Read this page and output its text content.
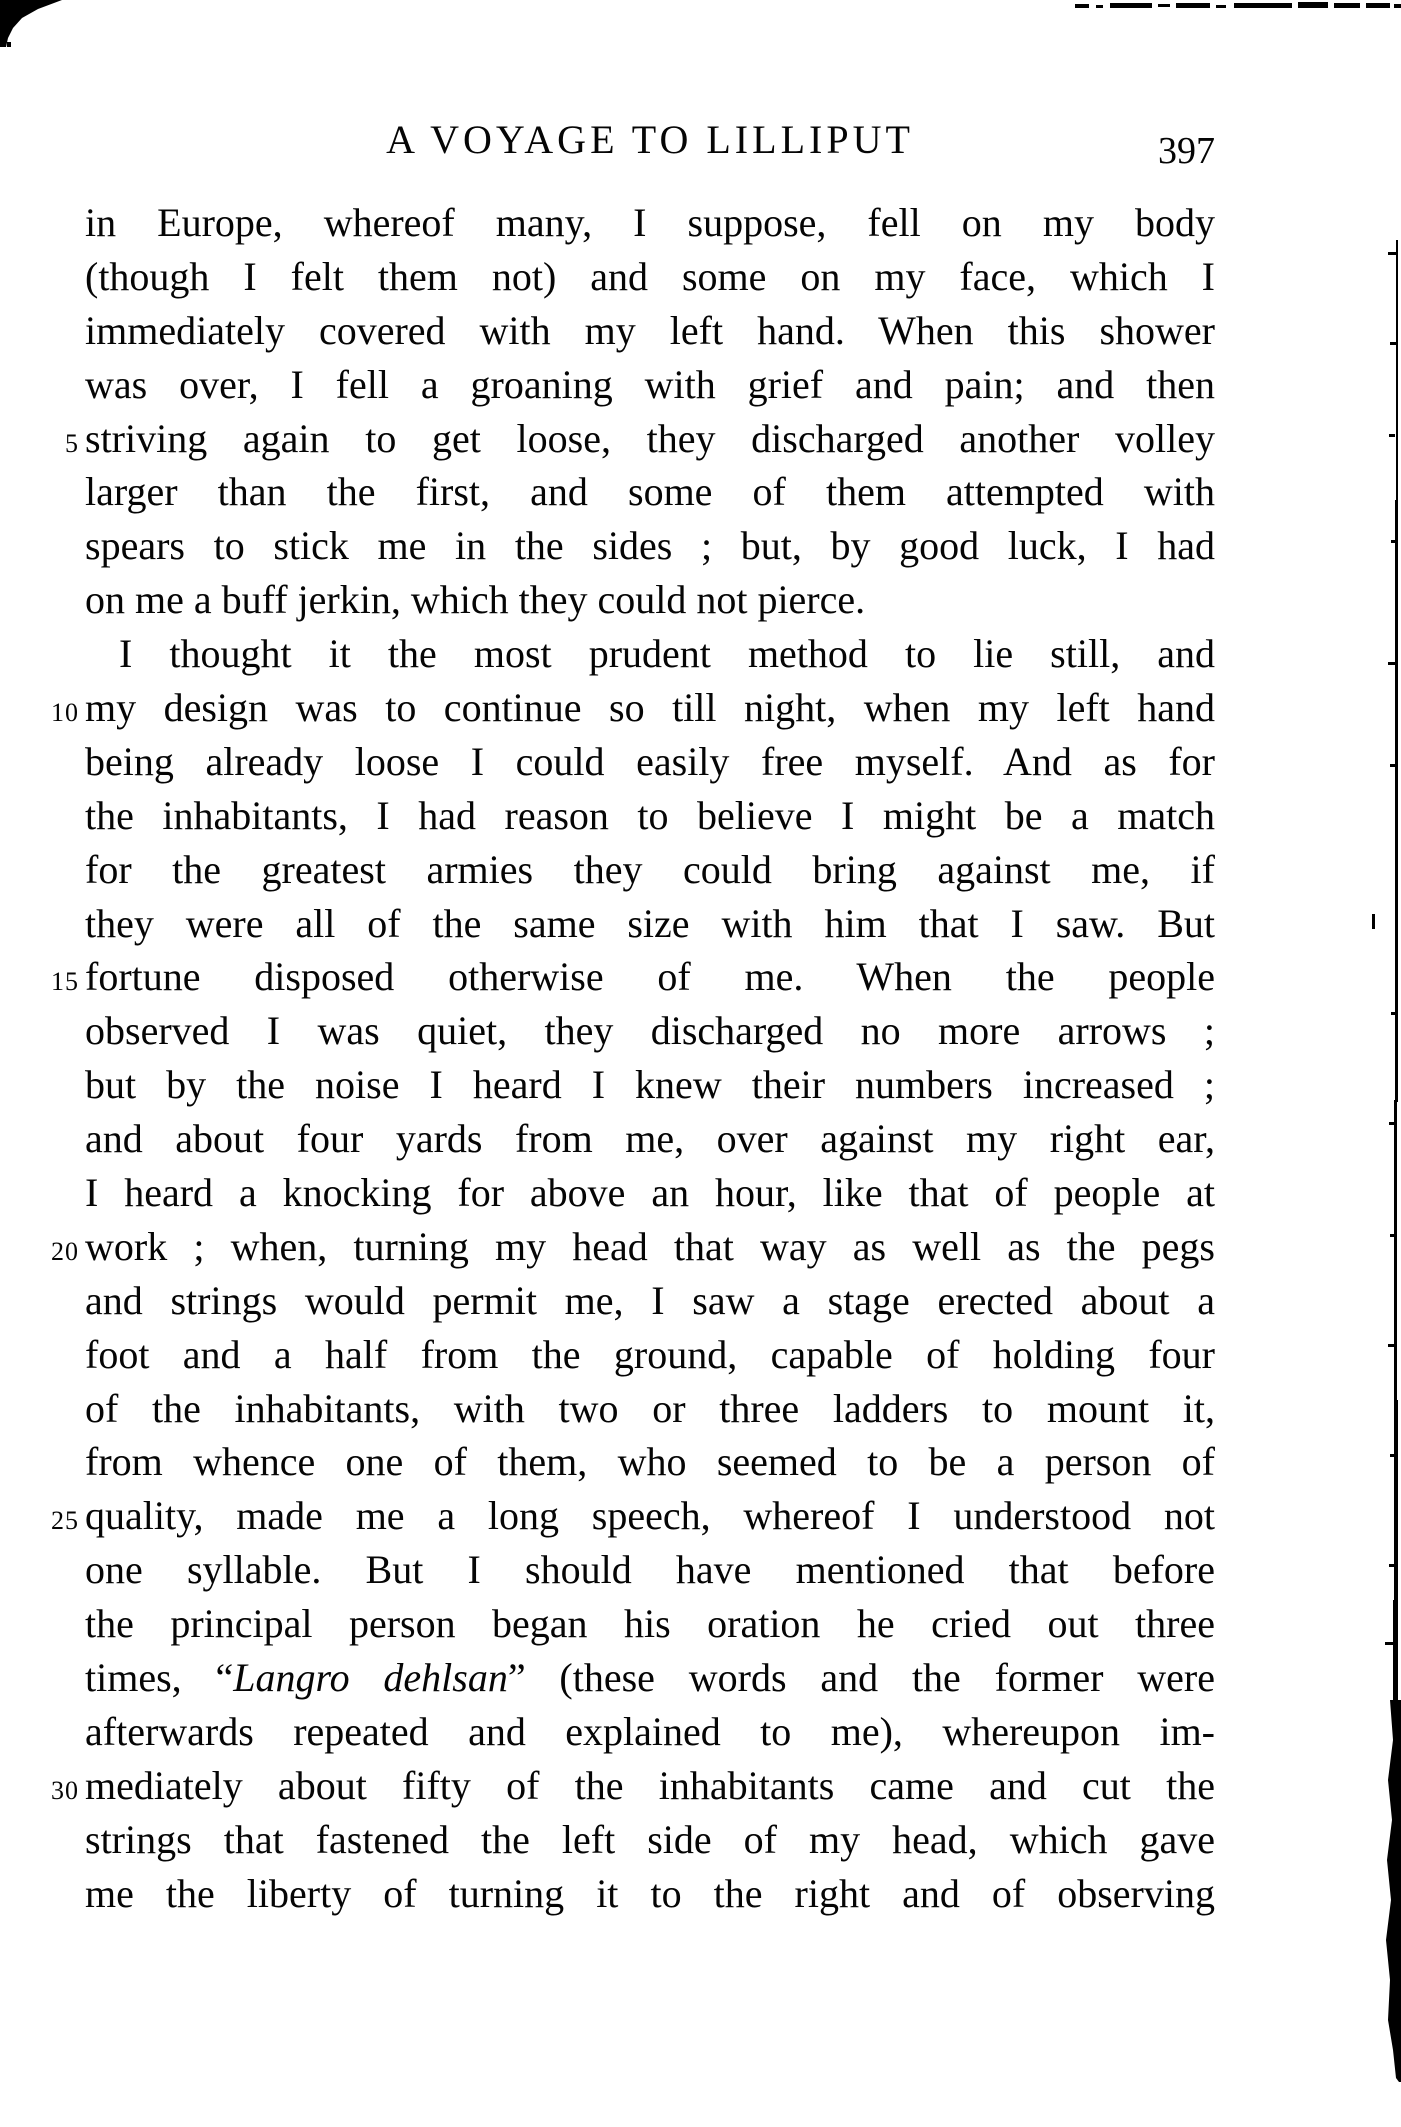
A VOYAGE TO LILLIPUT	397
in Europe, whereof many, I suppose, fell on my body
(though I felt them not) and some on my face, which I
immediately covered with my left hand. When this shower
was over, I fell a groaning with grief and pain; and then
5 striving again to get loose, they discharged another volley
larger than the first, and some of them attempted with
spears to stick me in the sides ; but, by good luck, I had
on me a buff jerkin, which they could not pierce.
I thought it the most prudent method to lie still, and
10 my design was to continue so till night, when my left hand
being already loose I could easily free myself. And as for
the inhabitants, I had reason to believe I might be a match
for the greatest armies they could bring against me, if
they were all of the same size with him that I saw. But
15 fortune disposed otherwise of me. When the people
observed I was quiet, they discharged no more arrows ;
but by the noise I heard I knew their numbers increased ;
and about four yards from me, over against my right ear,
I heard a knocking for above an hour, like that of people at
20 work ; when, turning my head that way as well as the pegs
and strings would permit me, I saw a stage erected about a
foot and a half from the ground, capable of holding four
of the inhabitants, with two or three ladders to mount it,
from whence one of them, who seemed to be a person of
25 quality, made me a long speech, whereof I understood not
one syllable. But I should have mentioned that before
the principal person began his oration he cried out three
times, “Langro dehlsan” (these words and the former were
afterwards repeated and explained to me), whereupon im-
30 mediately about fifty of the inhabitants came and cut the
strings that fastened the left side of my head, which gave
me the liberty of turning it to the right and of observing
